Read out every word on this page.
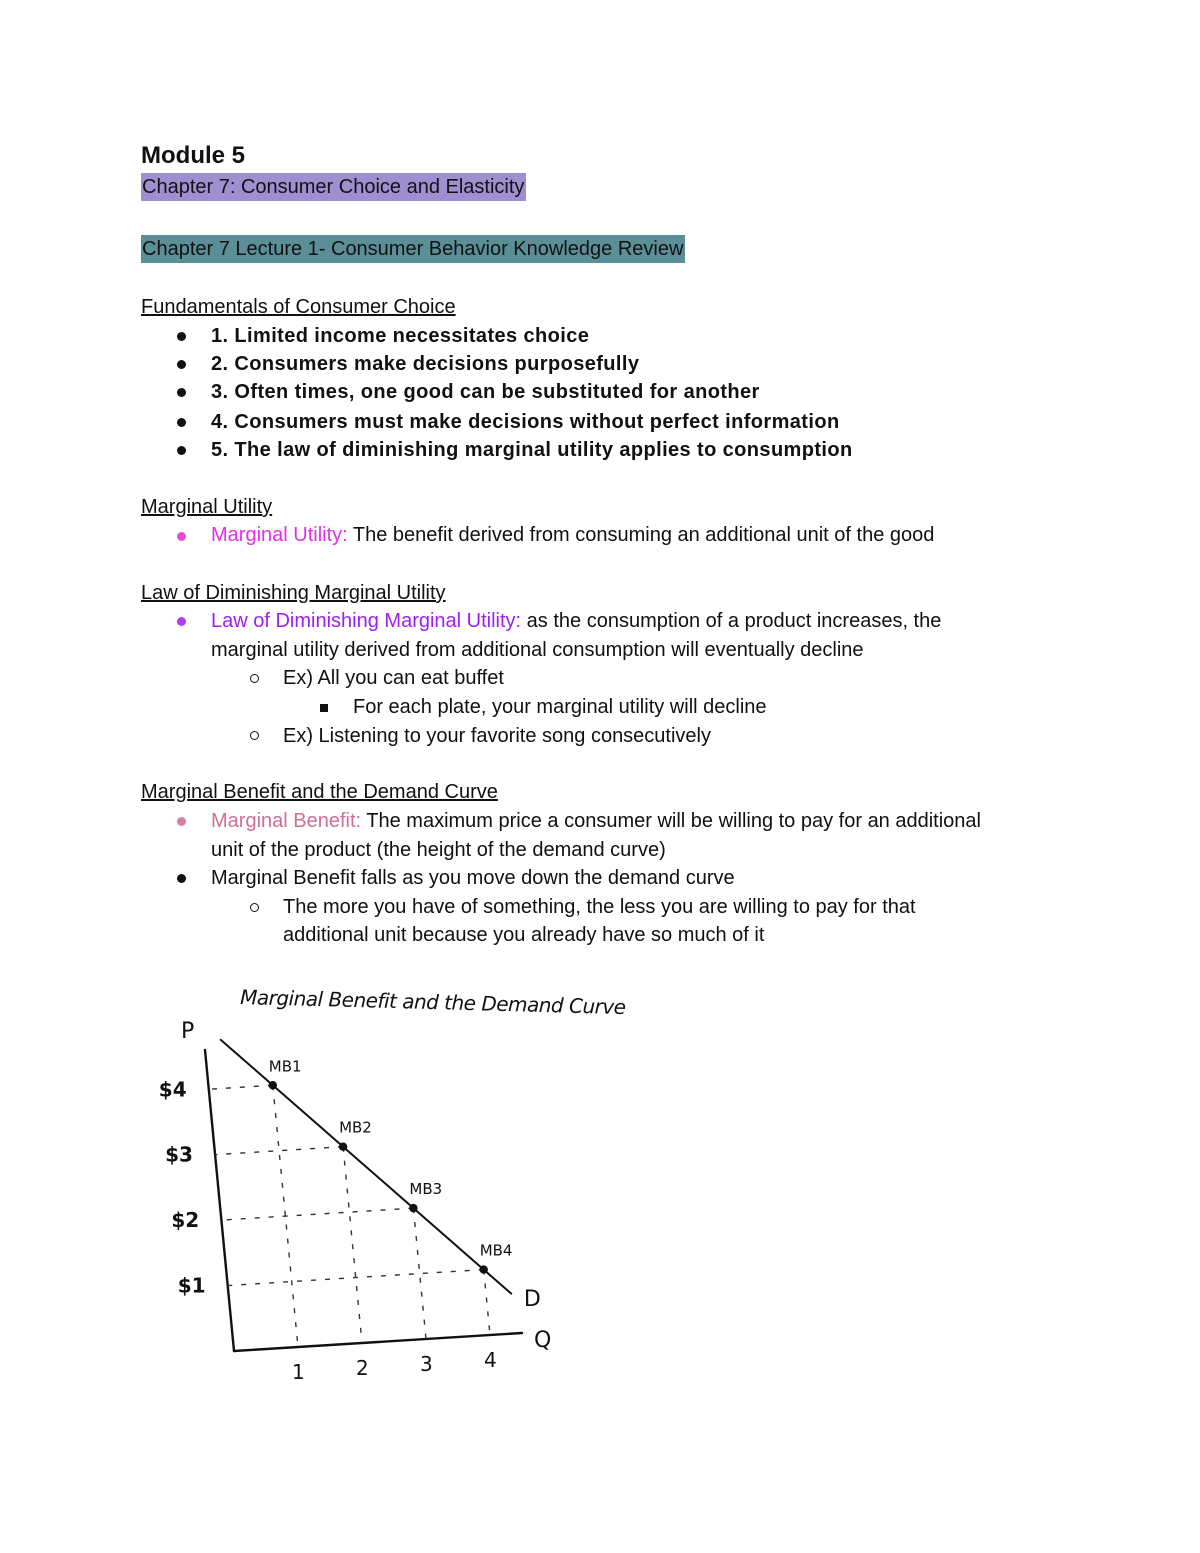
Module 5
Chapter 7: Consumer Choice and Elasticity
Chapter 7 Lecture 1- Consumer Behavior Knowledge Review
Fundamentals of Consumer Choice
1. Limited income necessitates choice
2. Consumers make decisions purposefully
3. Often times, one good can be substituted for another
4. Consumers must make decisions without perfect information
5. The law of diminishing marginal utility applies to consumption
Marginal Utility
Marginal Utility: The benefit derived from consuming an additional unit of the good
Law of Diminishing Marginal Utility
Law of Diminishing Marginal Utility: as the consumption of a product increases, the
marginal utility derived from additional consumption will eventually decline
Ex) All you can eat buffet
For each plate, your marginal utility will decline
Ex) Listening to your favorite song consecutively
Marginal Benefit and the Demand Curve
Marginal Benefit: The maximum price a consumer will be willing to pay for an additional
unit of the product (the height of the demand curve)
Marginal Benefit falls as you move down the demand curve
The more you have of something, the less you are willing to pay for that
additional unit because you already have so much of it
Marginal Benefit and the Demand Curve
MB1
MB2
MB3
MB4
1	2	3	4
$4
$3
$2
$1
P
Q
D
